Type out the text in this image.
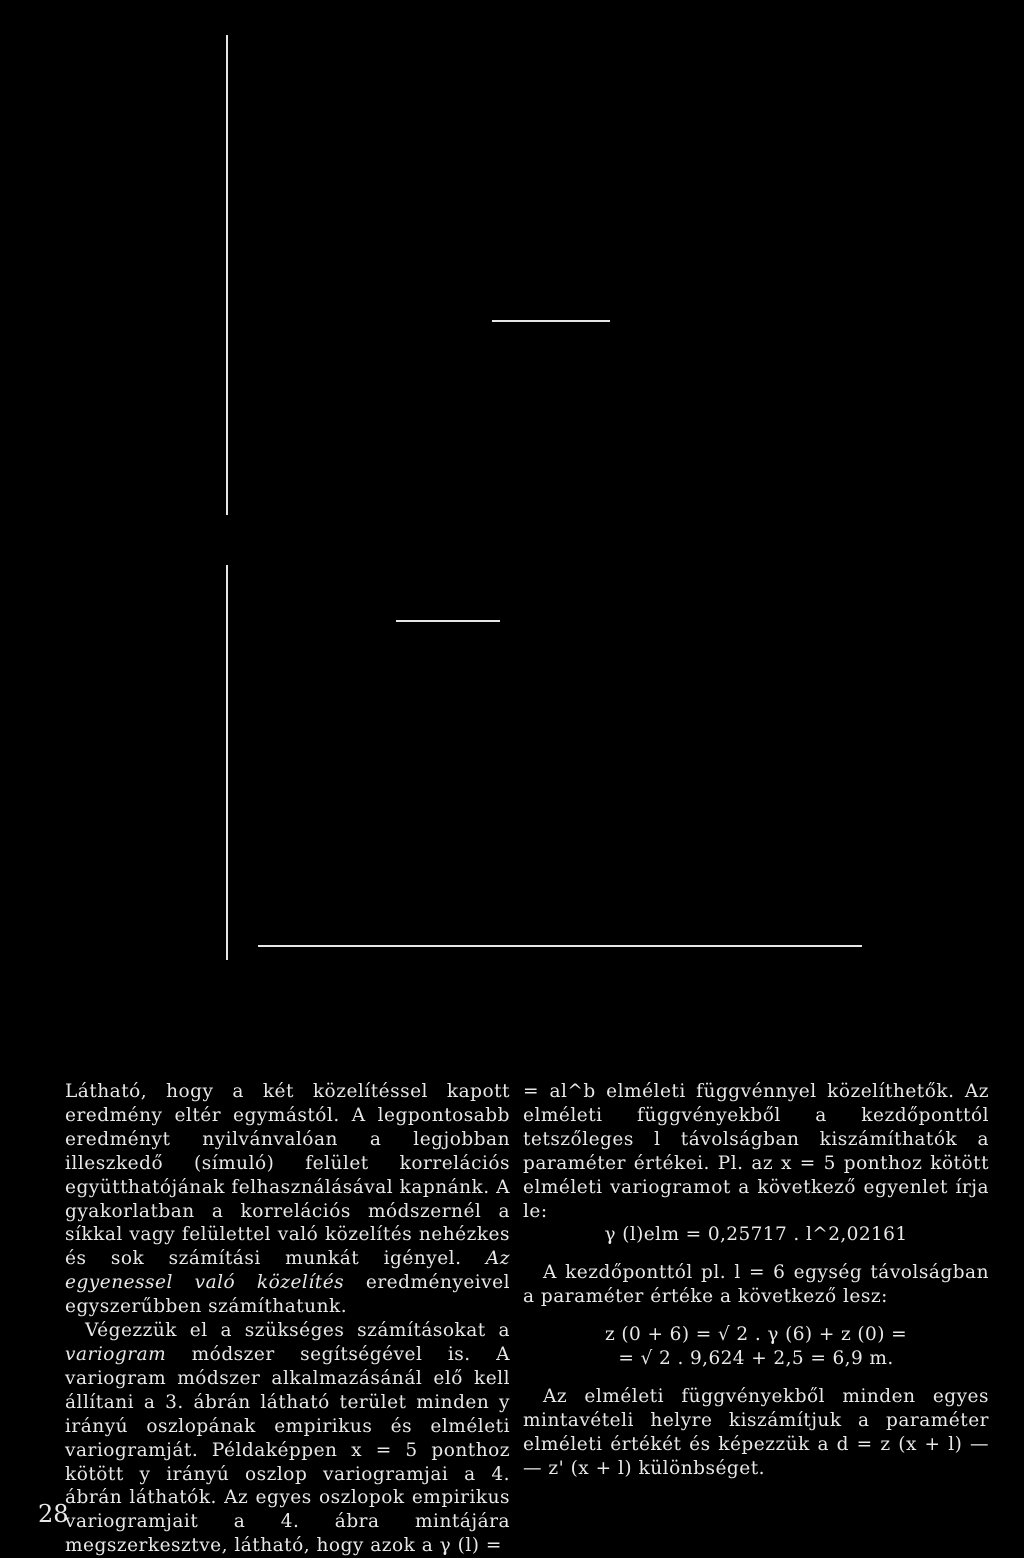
Látható, hogy a két közelítéssel kapott eredmény eltér egymástól. A legpontosabb eredményt nyilvánvalóan a legjobban illeszkedő (símuló) felület korrelációs együtthatójának felhasználásával kapnánk. A gyakorlatban a korrelációs módszernél a síkkal vagy felülettel való közelítés nehézkes és sok számítási munkát igényel. Az egyenessel való közelítés eredményeivel egyszerűbben számíthatunk.

Végezzük el a szükséges számításokat a variogram módszer segítségével is. A variogram módszer alkalmazásánál elő kell állítani a 3. ábrán látható terület minden y irányú oszlopának empirikus és elméleti variogramját. Példaképpen x = 5 ponthoz kötött y irányú oszlop variogramjai a 4. ábrán láthatók. Az egyes oszlopok empirikus variogramjait a 4. ábra mintájára megszerkesztve, látható, hogy azok a γ (l) =

= al^b elméleti függvénnyel közelíthetők. Az elméleti függvényekből a kezdőponttól tetszőleges l távolságban kiszámíthatók a paraméter értékei. Pl. az x = 5 ponthoz kötött elméleti variogramot a következő egyenlet írja le:

γ (l)elm = 0,25717 . l^2,02161

A kezdőponttól pl. l = 6 egység távolságban a paraméter értéke a következő lesz:

z (0 + 6) = √ 2 . γ (6) + z (0) =

= √ 2 . 9,624 + 2,5 = 6,9 m.

Az elméleti függvényekből minden egyes mintavételi helyre kiszámítjuk a paraméter elméleti értékét és képezzük a d = z (x + l) — — z' (x + l) különbséget.

28
